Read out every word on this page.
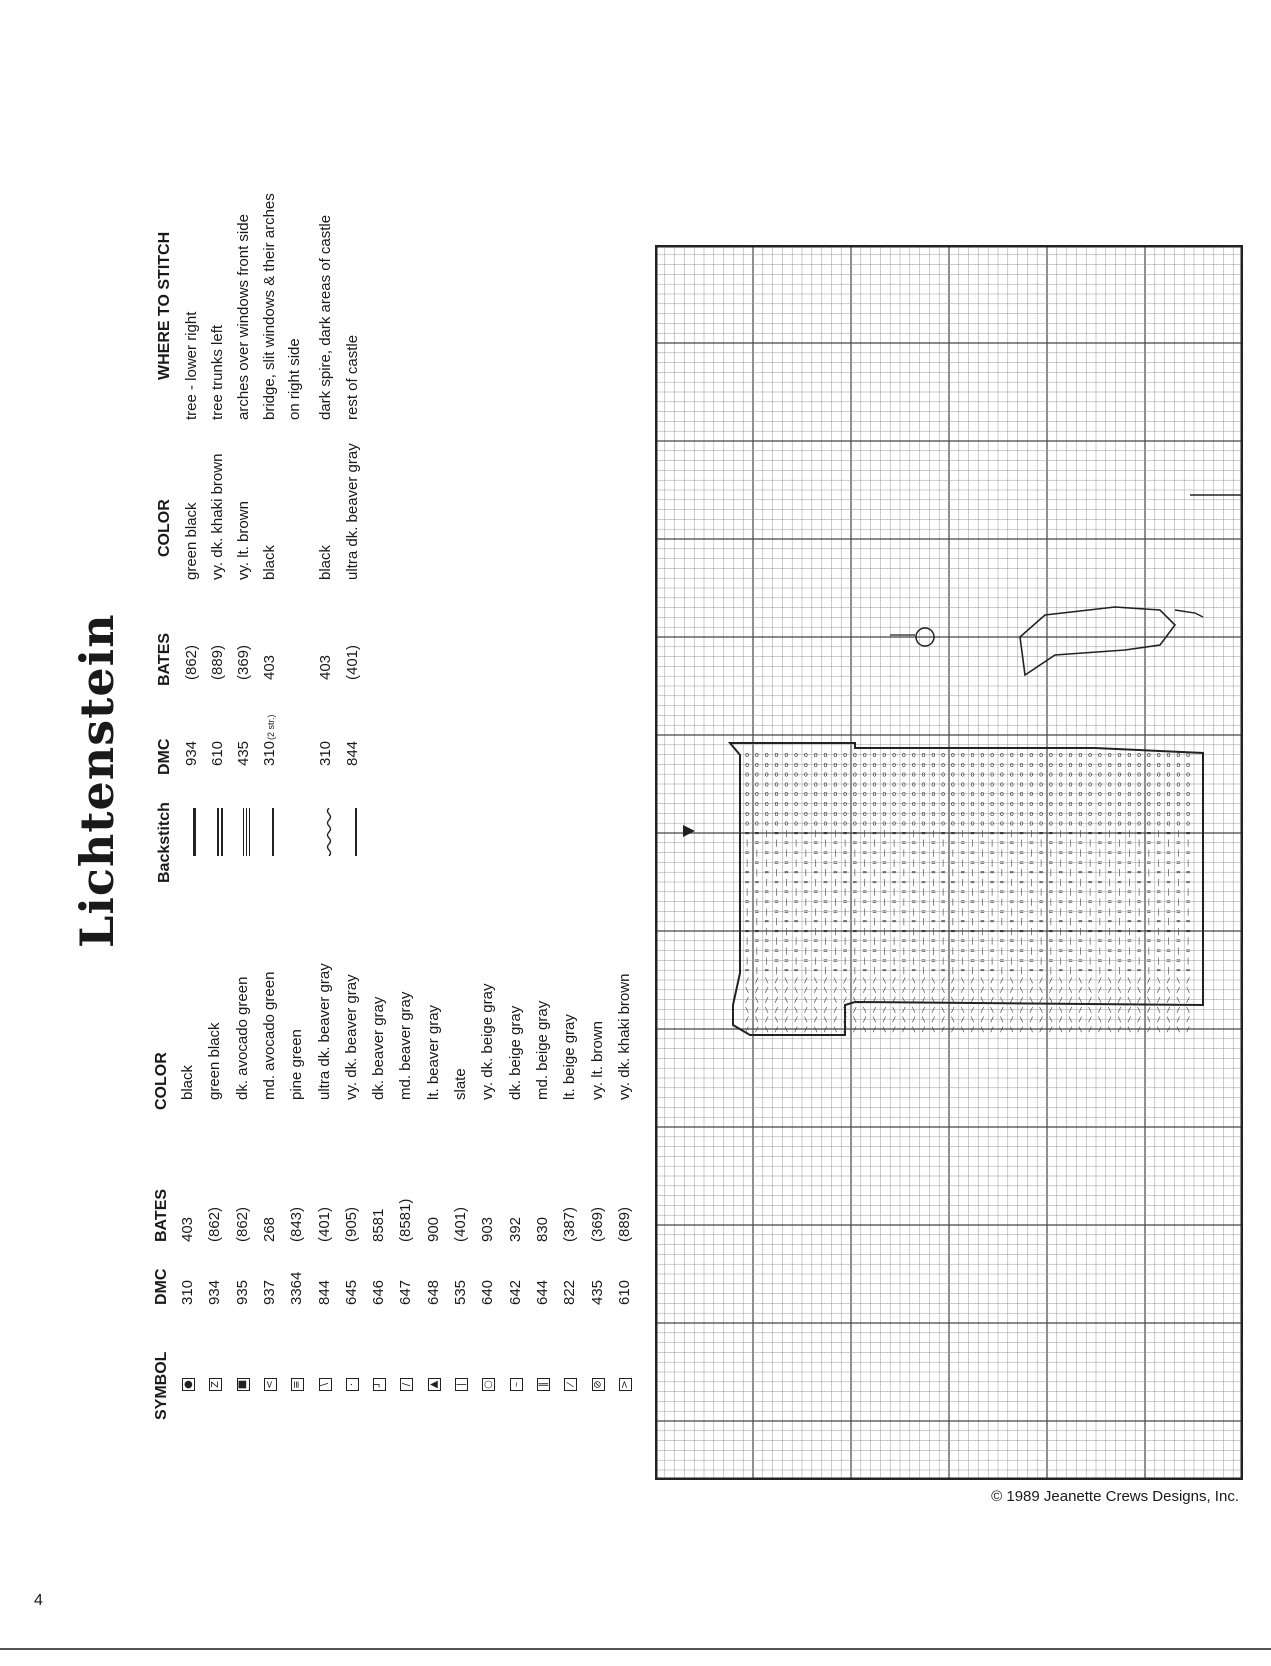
Lichtenstein
SYMBOL
DMC
BATES
COLOR
●
310
403
black
Z
934
(862)
green black
■
935
(862)
dk. avocado green
<
937
268
md. avocado green
≡
3364
(843)
pine green
\
844
(401)
ultra dk. beaver gray
·
645
(905)
vy. dk. beaver gray
┘
646
8581
dk. beaver gray
/
647
(8581)
md. beaver gray
▲
648
900
lt. beaver gray
|
535
(401)
slate
○
640
903
vy. dk. beige gray
–
642
392
dk. beige gray
‖
644
830
md. beige gray
⁄
822
(387)
lt. beige gray
⊘
435
(369)
vy. lt. brown
>
610
(889)
vy. dk. khaki brown
Backstitch
DMC
BATES
COLOR
WHERE TO STITCH
934
(862)
green black
tree - lower right
610
(889)
vy. dk. khaki brown
tree trunks left
435
(369)
vy. lt. brown
arches over windows front side
310
(2 str.)
403
black
bridge, slit windows & their arches on right side
310
403
black
dark spire, dark areas of castle
844
(401)
ultra dk. beaver gray
rest of castle
o
o
o
o
o
o
o
o
=
|
=
|
=
=
|
=
|
=
=
|
=
|
=
/
\
/
\
/
/
o
o
o
o
o
o
o
o
=
=
|
=
|
=
=
|
=
|
=
=
|
=
|
/
/
\
/
\
/
o
o
o
o
o
o
o
o
|
=
=
|
=
|
=
=
|
=
|
=
=
|
=
\
/
/
\
/
\
o
o
o
o
o
o
o
o
=
|
=
=
|
=
|
=
=
|
=
|
=
=
|
/
\
/
/
\
/
o
o
o
o
o
o
o
o
|
=
|
=
=
|
=
|
=
=
|
=
|
=
=
\
/
\
/
/
\
o
o
o
o
o
o
o
o
=
|
=
|
=
=
|
=
|
=
=
|
=
|
=
/
\
/
\
/
/
o
o
o
o
o
o
o
o
=
=
|
=
|
=
=
|
=
|
=
=
|
=
|
/
/
\
/
\
/
o
o
o
o
o
o
o
o
|
=
=
|
=
|
=
=
|
=
|
=
=
|
=
\
/
/
\
/
\
o
o
o
o
o
o
o
o
=
|
=
=
|
=
|
=
=
|
=
|
=
=
|
/
\
/
/
\
/
o
o
o
o
o
o
o
o
|
=
|
=
=
|
=
|
=
=
|
=
|
=
=
\
/
\
/
/
\
o
o
o
o
o
o
o
o
=
|
=
|
=
=
|
=
|
=
=
|
=
|
=
/
\
/
\
/
/
o
o
o
o
o
o
o
o
=
=
|
=
|
=
=
|
=
|
=
=
|
=
|
/
/
\
/
\
/
o
o
o
o
o
o
o
o
|
=
=
|
=
|
=
=
|
=
|
=
=
|
=
\
/
/
\
/
\
o
o
o
o
o
o
o
o
=
|
=
=
|
=
|
=
=
|
=
|
=
=
|
/
\
/
/
\
/
o
o
o
o
o
o
o
o
|
=
|
=
=
|
=
|
=
=
|
=
|
=
=
\
/
\
/
/
\
o
o
o
o
o
o
o
o
=
|
=
|
=
=
|
=
|
=
=
|
=
|
=
/
\
/
\
/
/
o
o
o
o
o
o
o
o
=
=
|
=
|
=
=
|
=
|
=
=
|
=
|
/
/
\
/
\
/
o
o
o
o
o
o
o
o
|
=
=
|
=
|
=
=
|
=
|
=
=
|
=
\
/
/
\
/
\
o
o
o
o
o
o
o
o
=
|
=
=
|
=
|
=
=
|
=
|
=
=
|
/
\
/
/
\
/
o
o
o
o
o
o
o
o
|
=
|
=
=
|
=
|
=
=
|
=
|
=
=
\
/
\
/
/
\
o
o
o
o
o
o
o
o
=
|
=
|
=
=
|
=
|
=
=
|
=
|
=
/
\
/
\
/
/
o
o
o
o
o
o
o
o
=
=
|
=
|
=
=
|
=
|
=
=
|
=
|
/
/
\
/
\
/
o
o
o
o
o
o
o
o
|
=
=
|
=
|
=
=
|
=
|
=
=
|
=
\
/
/
\
/
\
o
o
o
o
o
o
o
o
=
|
=
=
|
=
|
=
=
|
=
|
=
=
|
/
\
/
/
\
/
o
o
o
o
o
o
o
o
|
=
|
=
=
|
=
|
=
=
|
=
|
=
=
\
/
\
/
/
\
o
o
o
o
o
o
o
o
=
|
=
|
=
=
|
=
|
=
=
|
=
|
=
/
\
/
\
/
/
o
o
o
o
o
o
o
o
=
=
|
=
|
=
=
|
=
|
=
=
|
=
|
/
/
\
/
\
/
o
o
o
o
o
o
o
o
|
=
=
|
=
|
=
=
|
=
|
=
=
|
=
\
/
/
\
/
\
o
o
o
o
o
o
o
o
=
|
=
=
|
=
|
=
=
|
=
|
=
=
|
/
\
/
/
\
/
o
o
o
o
o
o
o
o
|
=
|
=
=
|
=
|
=
=
|
=
|
=
=
\
/
\
/
/
\
o
o
o
o
o
o
o
o
=
|
=
|
=
=
|
=
|
=
=
|
=
|
=
/
\
/
\
/
/
o
o
o
o
o
o
o
o
=
=
|
=
|
=
=
|
=
|
=
=
|
=
|
/
/
\
/
\
/
o
o
o
o
o
o
o
o
|
=
=
|
=
|
=
=
|
=
|
=
=
|
=
\
/
/
\
/
\
o
o
o
o
o
o
o
o
=
|
=
=
|
=
|
=
=
|
=
|
=
=
|
/
\
/
/
\
/
o
o
o
o
o
o
o
o
|
=
|
=
=
|
=
|
=
=
|
=
|
=
=
\
/
\
/
/
\
o
o
o
o
o
o
o
o
=
|
=
|
=
=
|
=
|
=
=
|
=
|
=
/
\
/
\
/
/
o
o
o
o
o
o
o
o
=
=
|
=
|
=
=
|
=
|
=
=
|
=
|
/
/
\
/
\
/
o
o
o
o
o
o
o
o
|
=
=
|
=
|
=
=
|
=
|
=
=
|
=
\
/
/
\
/
\
o
o
o
o
o
o
o
o
=
|
=
=
|
=
|
=
=
|
=
|
=
=
|
/
\
/
/
\
/
o
o
o
o
o
o
o
o
|
=
|
=
=
|
=
|
=
=
|
=
|
=
=
\
/
\
/
/
\
o
o
o
o
o
o
o
o
=
|
=
|
=
=
|
=
|
=
=
|
=
|
=
/
\
/
\
/
/
o
o
o
o
o
o
o
o
=
=
|
=
|
=
=
|
=
|
=
=
|
=
|
/
/
\
/
\
/
o
o
o
o
o
o
o
o
|
=
=
|
=
|
=
=
|
=
|
=
=
|
=
\
/
/
\
/
\
o
o
o
o
o
o
o
o
=
|
=
=
|
=
|
=
=
|
=
|
=
=
|
/
\
/
/
\
/
o
o
o
o
o
o
o
o
|
=
|
=
=
|
=
|
=
=
|
=
|
=
=
\
/
\
/
/
\
o
o
o
o
o
o
o
o
=
|
=
|
=
=
|
=
|
=
=
|
=
|
=
/
\
/
\
/
/
© 1989 Jeanette Crews Designs, Inc.
4
